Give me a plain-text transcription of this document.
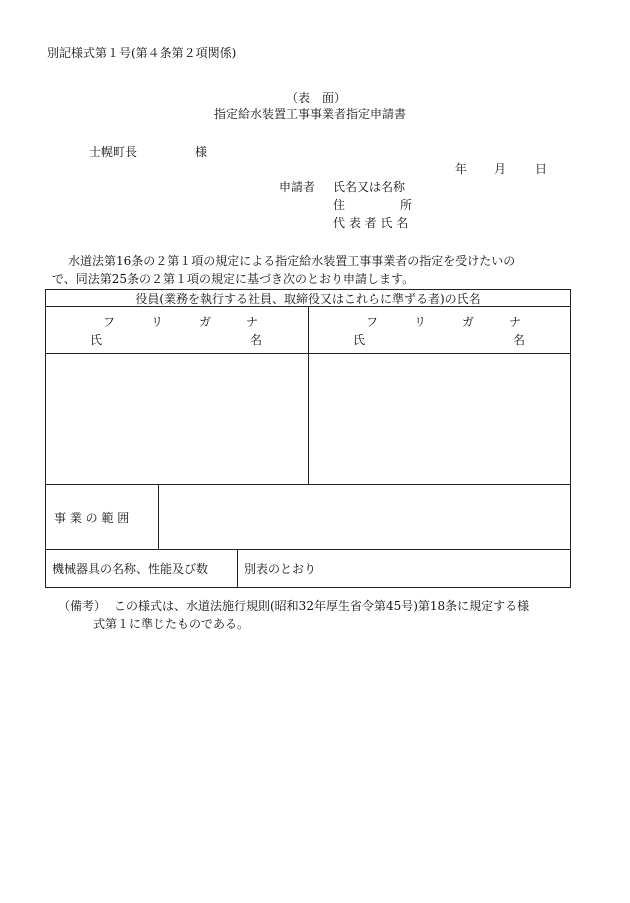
別記様式第１号(第４条第２項関係)
（表　面）
指定給水装置工事事業者指定申請書
士幌町長	様
年 月 日
申請者 氏名又は名称
住	所
代 表 者 氏 名
水道法第16条の２第１項の規定による指定給水装置工事事業者の指定を受けたいの
で、同法第25条の２第１項の規定に基づき次のとおり申請します。
役員(業務を執行する社員、取締役又はこれらに準ずる者)の氏名
フ	リ	ガ	ナ
氏	名
フ	リ	ガ	ナ
氏	名
事 業 の 範 囲
機械器具の名称、性能及び数	別表のとおり
（備考） この様式は、水道法施行規則(昭和32年厚生省令第45号)第18条に規定する様
式第１に準じたものである。
